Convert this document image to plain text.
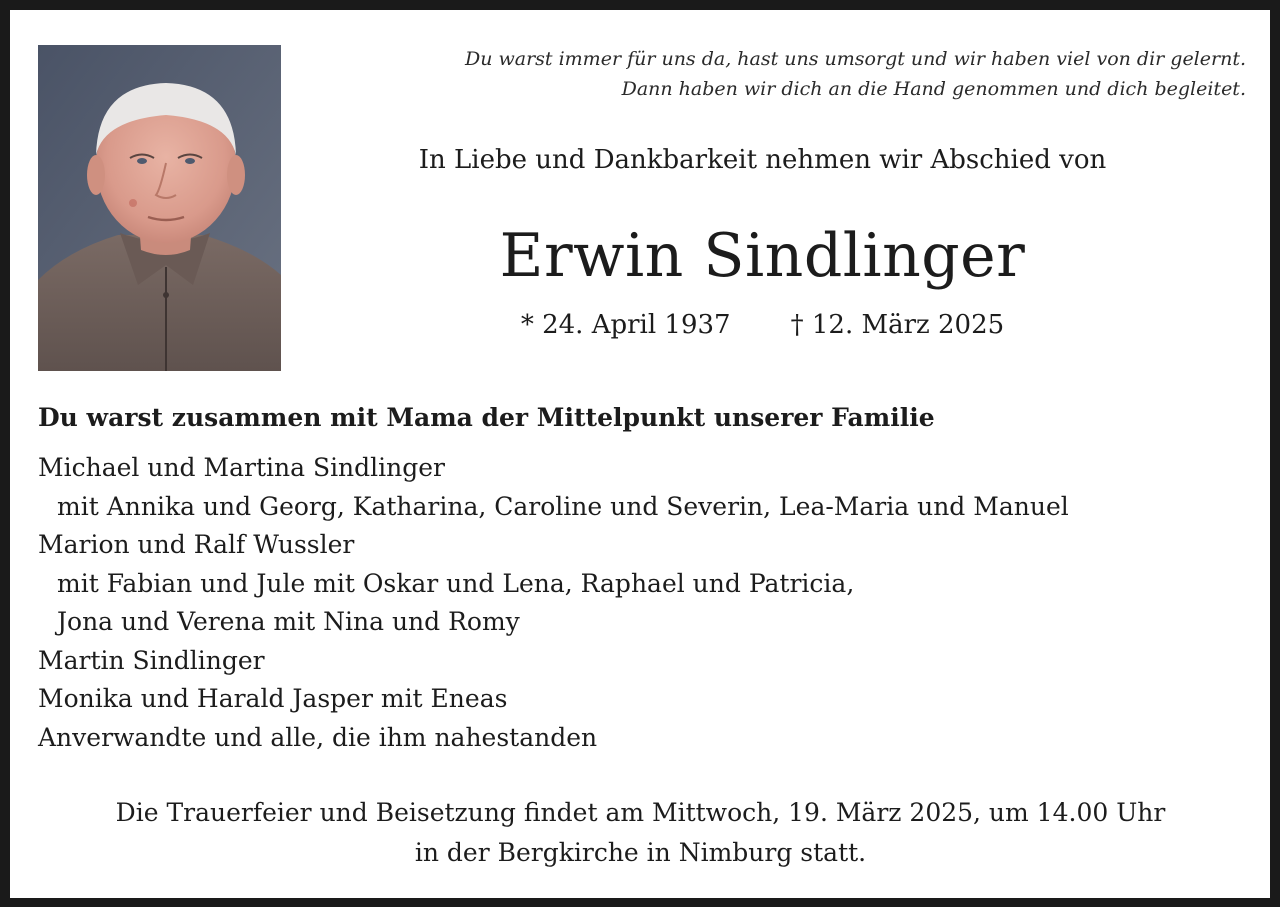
Du warst immer für uns da, hast uns umsorgt und wir haben viel von dir gelernt.
Dann haben wir dich an die Hand genommen und dich begleitet.
In Liebe und Dankbarkeit nehmen wir Abschied von
Erwin Sindlinger
* 24. April 1937 † 12. März 2025
Du warst zusammen mit Mama der Mittelpunkt unserer Familie
Michael und Martina Sindlinger
mit Annika und Georg, Katharina, Caroline und Severin, Lea-Maria und Manuel
Marion und Ralf Wussler
mit Fabian und Jule mit Oskar und Lena, Raphael und Patricia,
Jona und Verena mit Nina und Romy
Martin Sindlinger
Monika und Harald Jasper mit Eneas
Anverwandte und alle, die ihm nahestanden
Die Trauerfeier und Beisetzung findet am Mittwoch, 19. März 2025, um 14.00 Uhr
in der Bergkirche in Nimburg statt.
